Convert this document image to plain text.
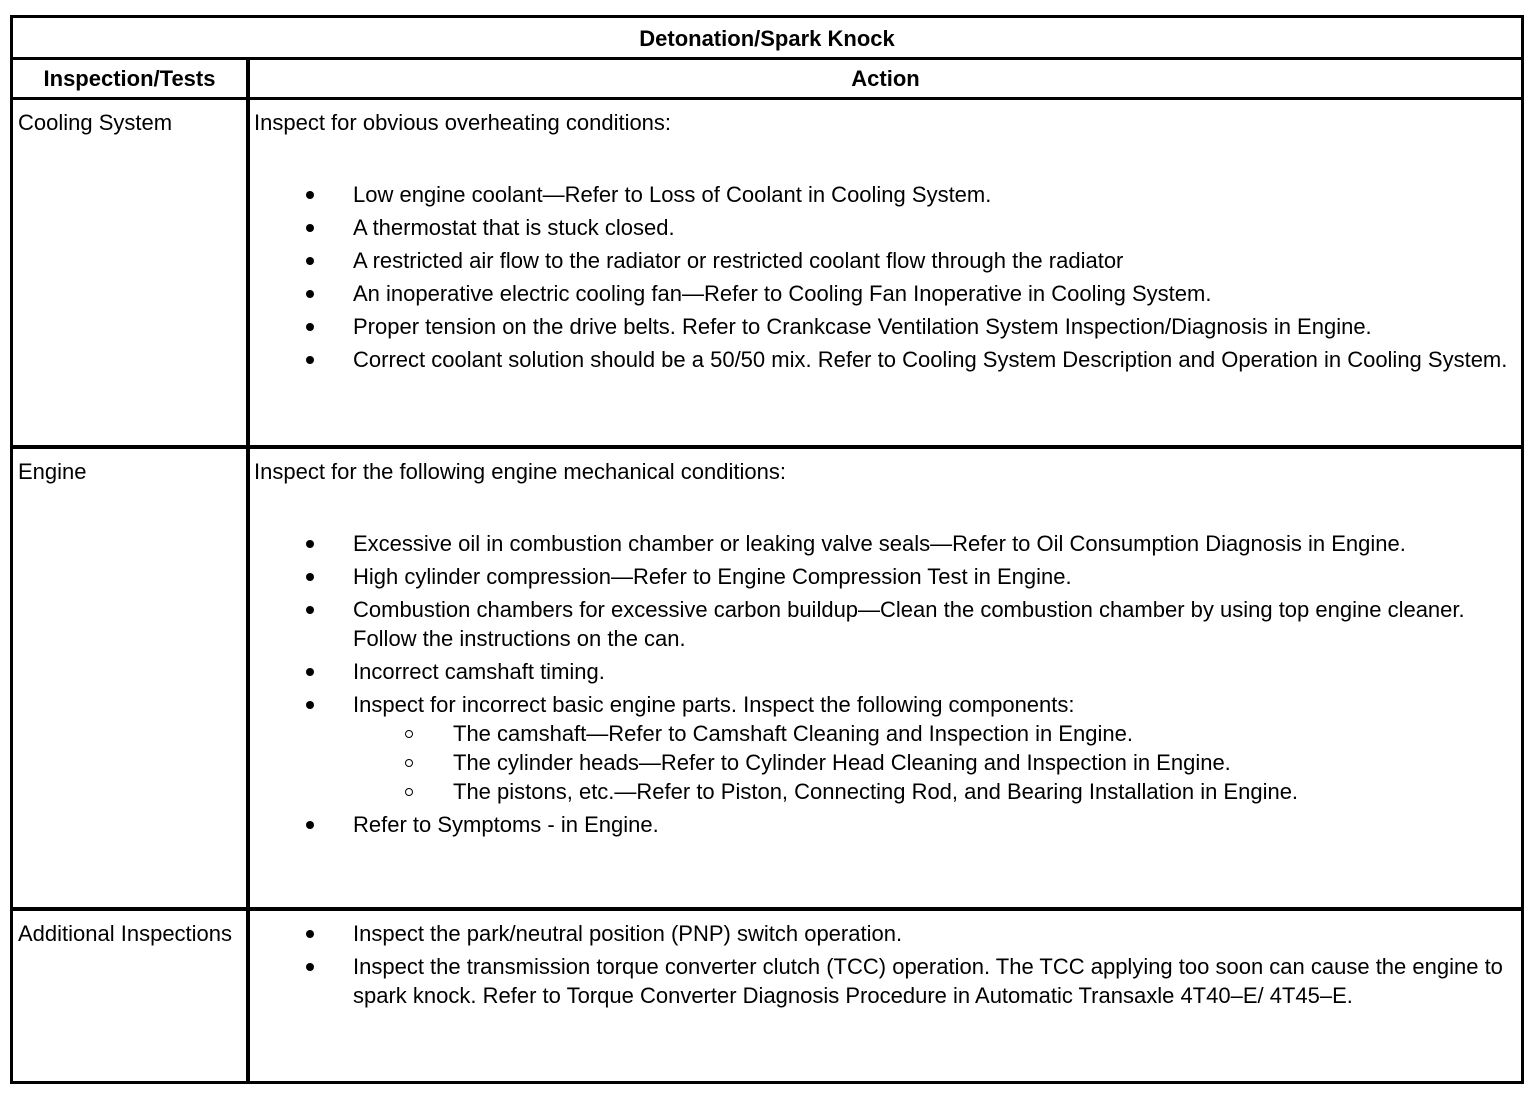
Detonation/Spark Knock
Inspection/Tests	Action
Cooling System	Inspect for obvious overheating conditions:
Low engine coolant—Refer to Loss of Coolant in Cooling System.
A thermostat that is stuck closed.
A restricted air flow to the radiator or restricted coolant flow through the radiator
An inoperative electric cooling fan—Refer to Cooling Fan Inoperative in Cooling System.
Proper tension on the drive belts. Refer to Crankcase Ventilation System Inspection/Diagnosis in Engine.
Correct coolant solution should be a 50/50 mix. Refer to Cooling System Description and Operation in Cooling System.
Engine	Inspect for the following engine mechanical conditions:
Excessive oil in combustion chamber or leaking valve seals—Refer to Oil Consumption Diagnosis in Engine.
High cylinder compression—Refer to Engine Compression Test in Engine.
Combustion chambers for excessive carbon buildup—Clean the combustion chamber by using top engine cleaner. Follow the instructions on the can.
Incorrect camshaft timing.
Inspect for incorrect basic engine parts. Inspect the following components:
The camshaft—Refer to Camshaft Cleaning and Inspection in Engine.
The cylinder heads—Refer to Cylinder Head Cleaning and Inspection in Engine.
The pistons, etc.—Refer to Piston, Connecting Rod, and Bearing Installation in Engine.
Refer to Symptoms - in Engine.
Additional Inspections	Inspect the park/neutral position (PNP) switch operation.
Inspect the transmission torque converter clutch (TCC) operation. The TCC applying too soon can cause the engine to spark knock. Refer to Torque Converter Diagnosis Procedure in Automatic Transaxle 4T40–E/ 4T45–E.
